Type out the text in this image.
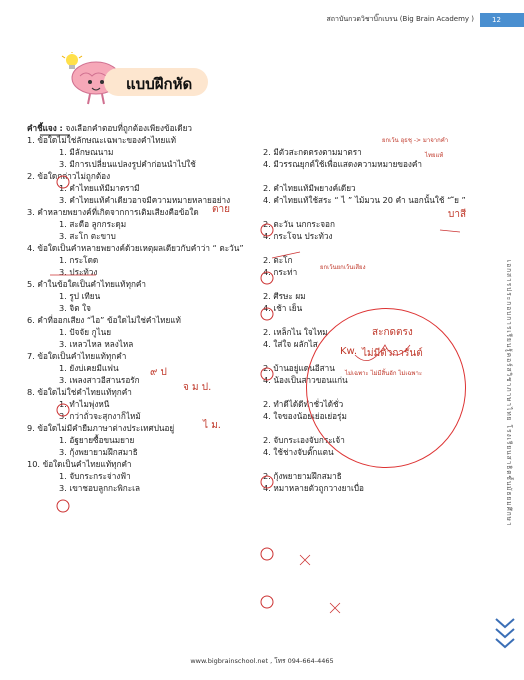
สถาบันกวดวิชาบิ๊กเบรน (Big Brain Academy )	12
แบบฝึกหัด
คำชี้แจง : จงเลือกคำตอบที่ถูกต้องเพียงข้อเดียว
1. ข้อใดไม่ใช่ลักษณะเฉพาะของคำไทยแท้
1. มีลักษณนาม	2. มีตัวสะกดตรงตามมาตรา
3. มีการเปลี่ยนแปลงรูปคำก่อนนำไปใช้	4. มีวรรณยุกต์ใช้เพื่อแสดงความหมายของคำ
2. ข้อใดกล่าวไม่ถูกต้อง
1. คำไทยแท้มีมาตรามี	2. คำไทยแท้มีพยางค์เดียว
3. คำไทยแท้คำเดียวอาจมีความหมายหลายอย่าง	4. คำไทยแท้ใช้สระ “ ไ ” ไม้มวน 20 คำ นอกนั้นใช้ “ ัย ”
3. คำหลายพยางค์ที่เกิดจากการเติมเสียงคือข้อใด
1. สะดือ ลูกกระดุม	2. ตะวัน นกกระจอก
3. สะโก ตะขาบ	4. กระโจน ประท้วง
4. ข้อใดเป็นคำหลายพยางค์ด้วยเหตุผลเดียวกับคำว่า “ ตะวัน”
1. กระโดด	2. ตะโก
3. ประท้วง	4. กระท่า
5. คำในข้อใดเป็นคำไทยแท้ทุกคำ
1. รูป เทียน	2. ศีรษะ ผม
3. จิต ใจ	4. เช้า เย็น
6. คำที่ออกเสียง “ไอ” ข้อใดไม่ใช่คำไทยแท้
1. ปัจจัย กูไนย	2. เหล็กไน ใจไหม
3. เหลวไหล หลงไหล	4. ใส่ใจ ผลักไส
7. ข้อใดเป็นคำไทยแท้ทุกคำ
1. ยังบ่เคยมีแฟน	2. บ้านอยู่แดนอีสาน
3. เพลงสาวอีสานรอรัก	4. น้องเป็นสาวขอนแก่น
8. ข้อใดไม่ใช่คำไทยแท้ทุกคำ
1. ทำไมพุ่งหนี	2. ทำดีได้ดีทำชั่วได้ชั่ว
3. กว่าถั่วจะสุกงาก็ไหม้	4. ใจของน้อยเย่อเย่อรุ่ม
9. ข้อใดไม่มีคำยืมภาษาต่างประเทศปนอยู่
1. อัฐยายซื้อขนมยาย	2. จับกระเองจับกระเจ้า
3. กุ้งพยายามฝึกสมาธิ	4. ใช้ช่างจับตั๊กแตน
10. ข้อใดเป็นคำไทยแท้ทุกคำ
1. จับกระกระจ่างฟ้า	2. กุ้งพยายามฝึกสมาธิ
3. เขาชอบลูกกะพิกะเล	4. หมาหลายตัวถูกวางยาเบื่อ
ยกเว้น อุธชุ -> มาจากคำ
ไทยแท้
ตาย	บาสี
ยกเว้นยกเว้นเสียง
สะกดตรง
ไม่มีตัวการันต์
ไม่เฉพาะ ไม่มีสิ้นอัก ไม่เฉพาะ
Kw.
จ ม ป.
ไ ม.
๙ ป	เอกสารประกอบการเรียนรู้คอร์สวิชาภาษาไทย โรงเรียนสาธิตชั้นมัธยมศึกษา
www.bigbrainschool.net , โทร 094-664-4465
